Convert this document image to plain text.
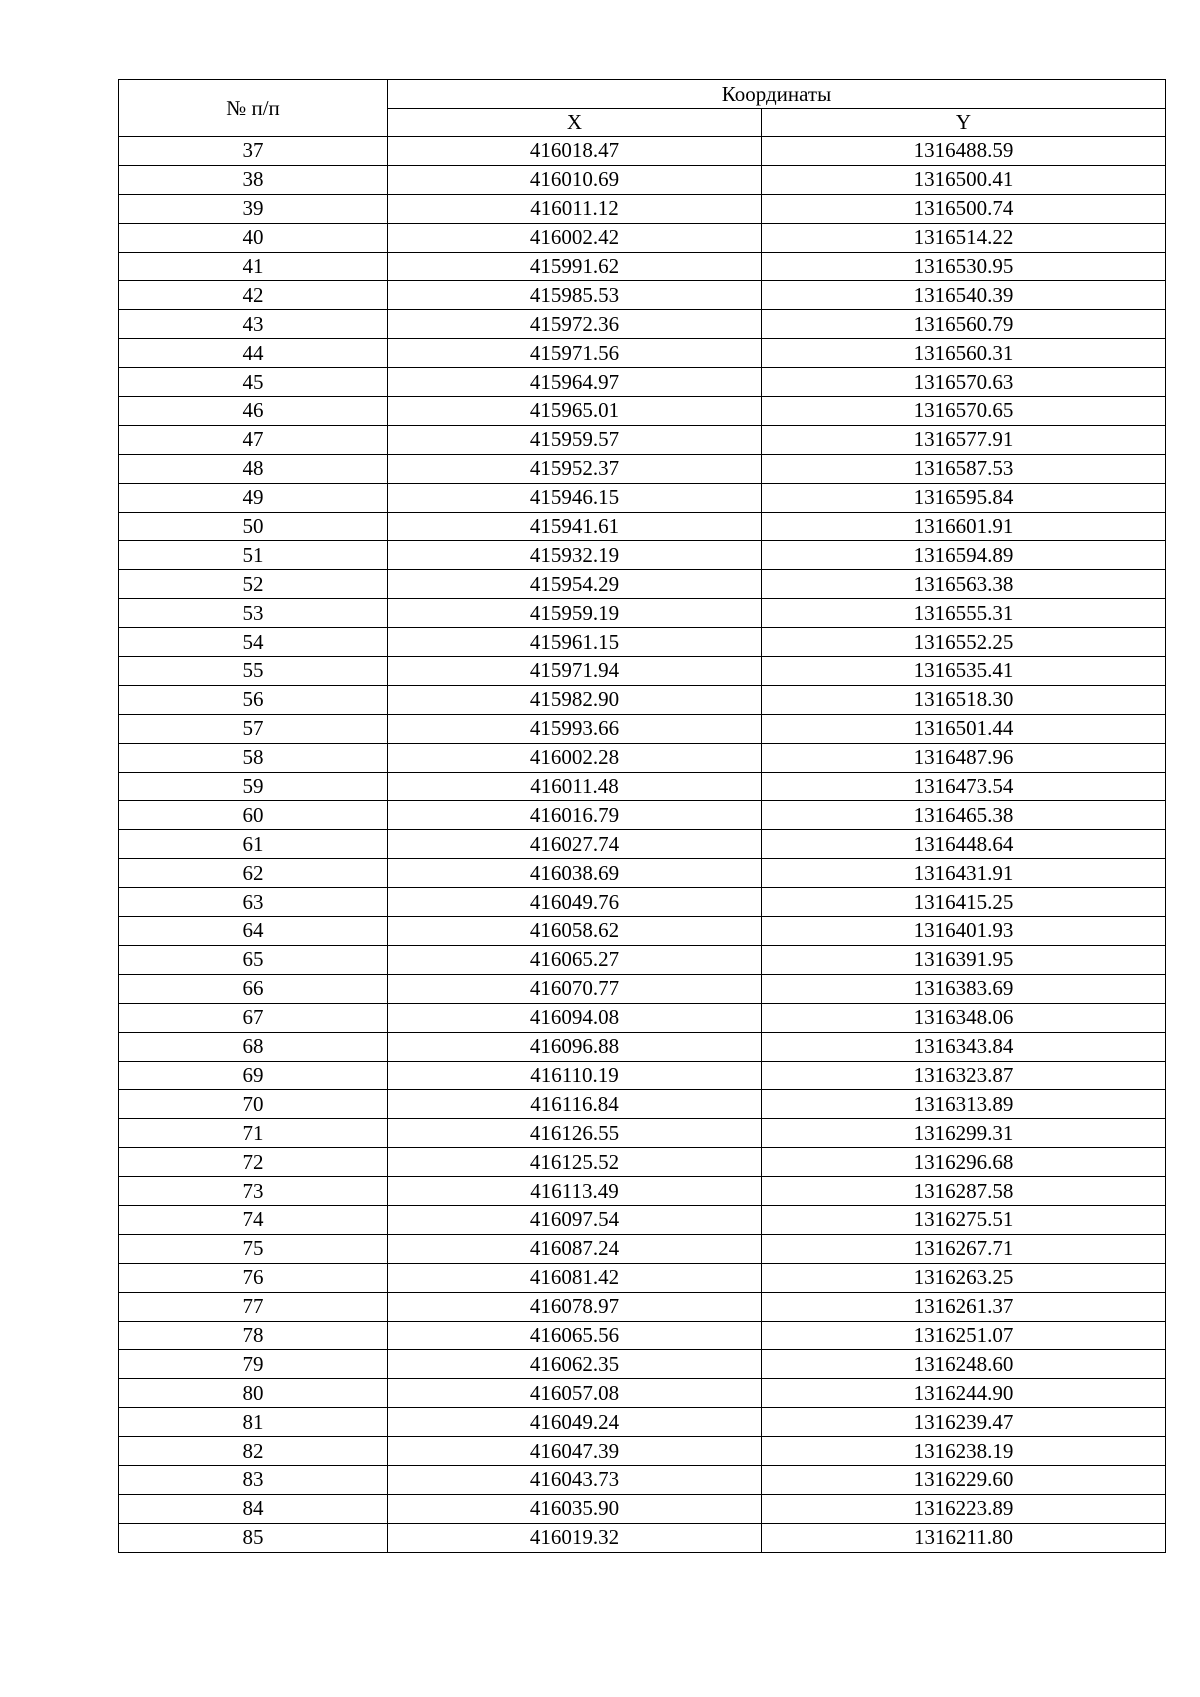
№ п/п	Координаты	
	X	Y
37	416018.47	1316488.59
38	416010.69	1316500.41
39	416011.12	1316500.74
40	416002.42	1316514.22
41	415991.62	1316530.95
42	415985.53	1316540.39
43	415972.36	1316560.79
44	415971.56	1316560.31
45	415964.97	1316570.63
46	415965.01	1316570.65
47	415959.57	1316577.91
48	415952.37	1316587.53
49	415946.15	1316595.84
50	415941.61	1316601.91
51	415932.19	1316594.89
52	415954.29	1316563.38
53	415959.19	1316555.31
54	415961.15	1316552.25
55	415971.94	1316535.41
56	415982.90	1316518.30
57	415993.66	1316501.44
58	416002.28	1316487.96
59	416011.48	1316473.54
60	416016.79	1316465.38
61	416027.74	1316448.64
62	416038.69	1316431.91
63	416049.76	1316415.25
64	416058.62	1316401.93
65	416065.27	1316391.95
66	416070.77	1316383.69
67	416094.08	1316348.06
68	416096.88	1316343.84
69	416110.19	1316323.87
70	416116.84	1316313.89
71	416126.55	1316299.31
72	416125.52	1316296.68
73	416113.49	1316287.58
74	416097.54	1316275.51
75	416087.24	1316267.71
76	416081.42	1316263.25
77	416078.97	1316261.37
78	416065.56	1316251.07
79	416062.35	1316248.60
80	416057.08	1316244.90
81	416049.24	1316239.47
82	416047.39	1316238.19
83	416043.73	1316229.60
84	416035.90	1316223.89
85	416019.32	1316211.80
